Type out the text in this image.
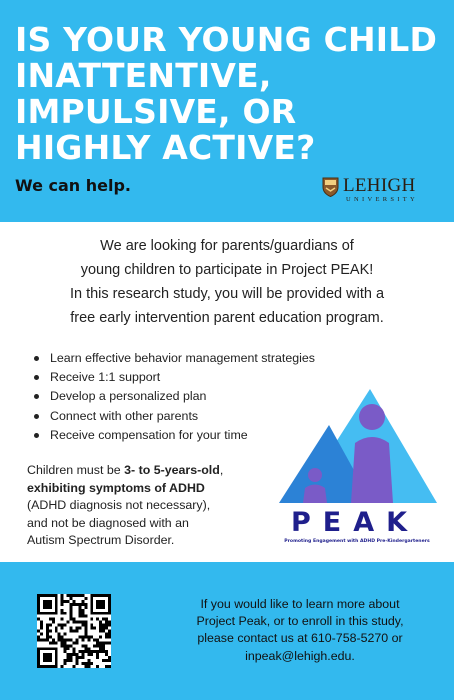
IS YOUR YOUNG CHILD
INATTENTIVE,
IMPULSIVE, OR
HIGHLY ACTIVE?

We can help.	LEHIGH
UNIVERSITY
We are looking for parents/guardians of
young children to participate in Project PEAK!
In this research study, you will be provided with a
free early intervention parent education program.
Learn effective behavior management strategies
Receive 1:1 support
Develop a personalized plan
Connect with other parents
Receive compensation for your time
Children must be 3- to 5-years-old,
exhibiting symptoms of ADHD
(ADHD diagnosis not necessary),
and not be diagnosed with an
Autism Spectrum Disorder.
PEAK
Promoting Engagement with ADHD Pre-Kindergarteners
If you would like to learn more about
Project Peak, or to enroll in this study,
please contact us at 610-758-5270 or
inpeak@lehigh.edu.
